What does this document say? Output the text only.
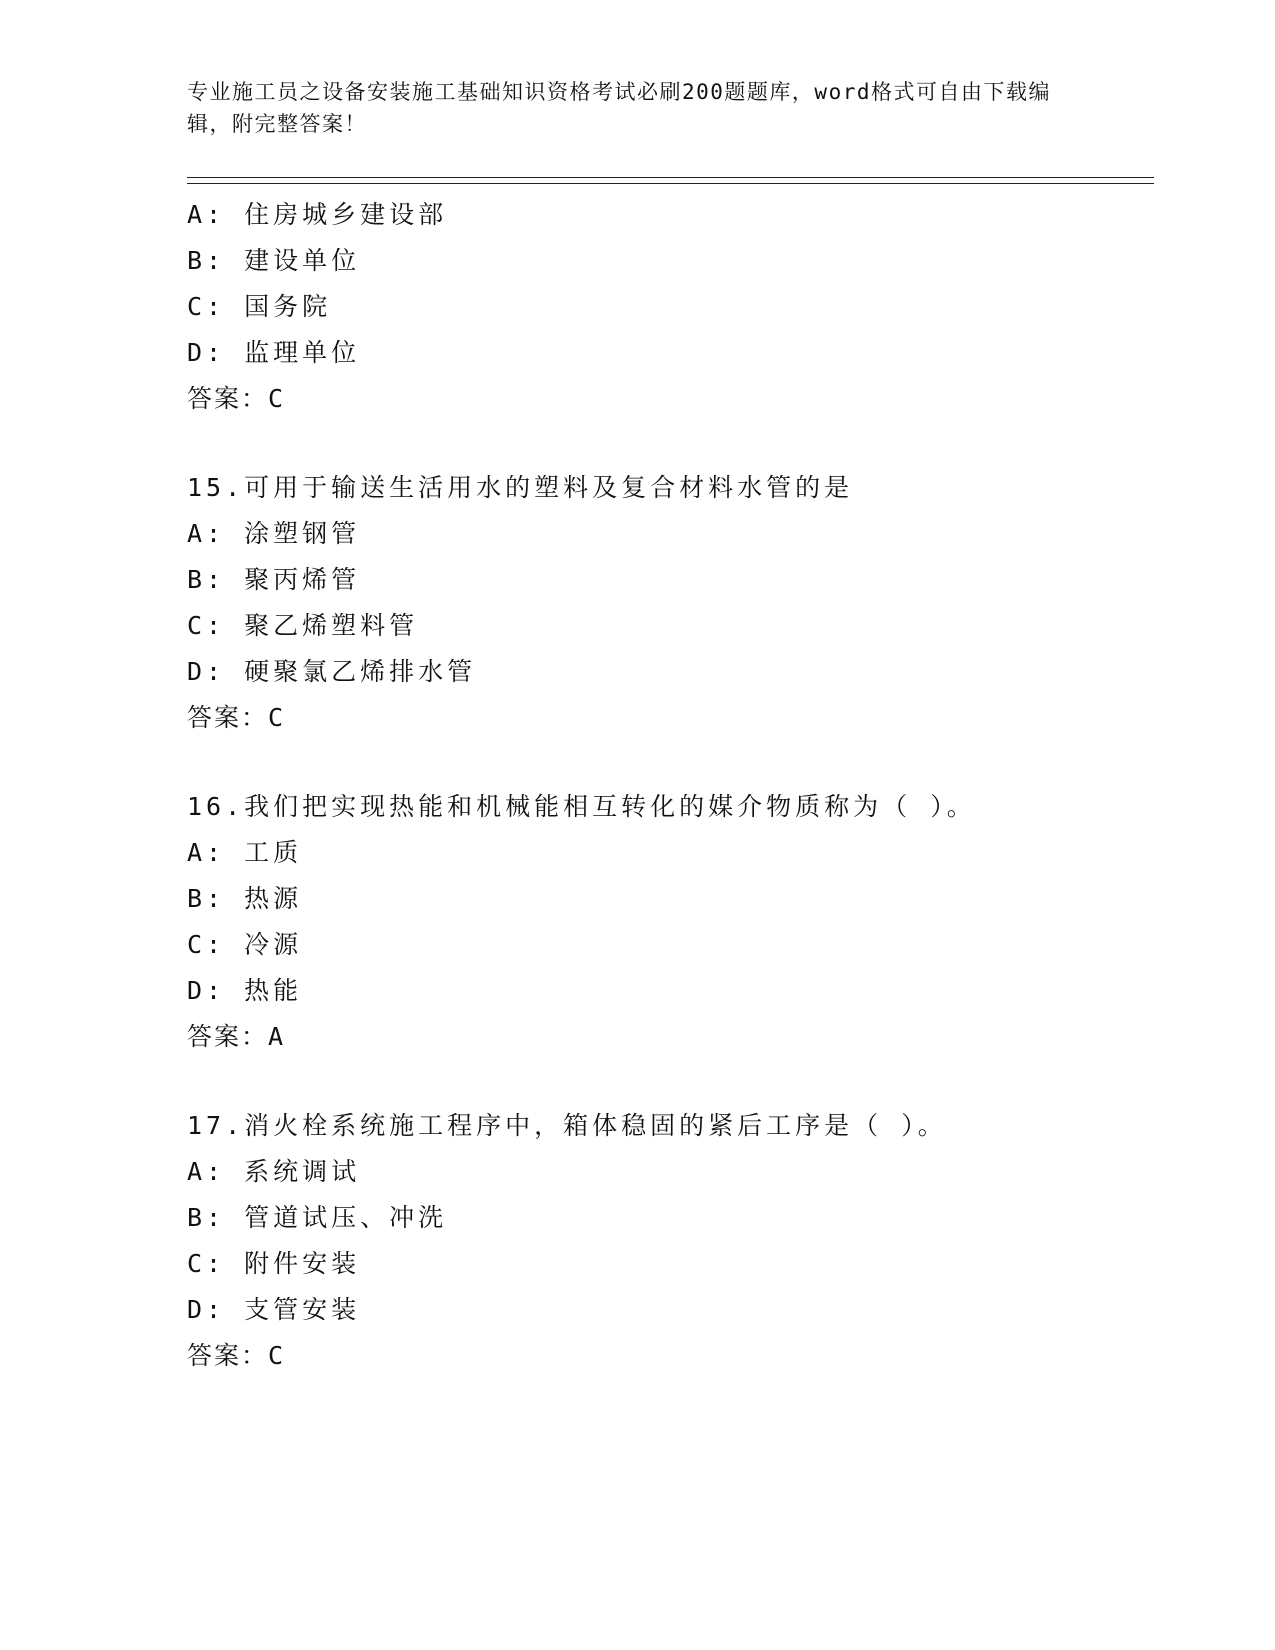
专业施工员之设备安装施工基础知识资格考试必刷200题题库，word格式可自由下载编辑，附完整答案！
A: 住房城乡建设部
B: 建设单位
C: 国务院
D: 监理单位
答案：C
15.可用于输送生活用水的塑料及复合材料水管的是
A: 涂塑钢管
B: 聚丙烯管
C: 聚乙烯塑料管
D: 硬聚氯乙烯排水管
答案：C
16.我们把实现热能和机械能相互转化的媒介物质称为（ ）。
A: 工质
B: 热源
C: 冷源
D: 热能
答案：A
17.消火栓系统施工程序中，箱体稳固的紧后工序是（ ）。
A: 系统调试
B: 管道试压、冲洗
C: 附件安装
D: 支管安装
答案：C
